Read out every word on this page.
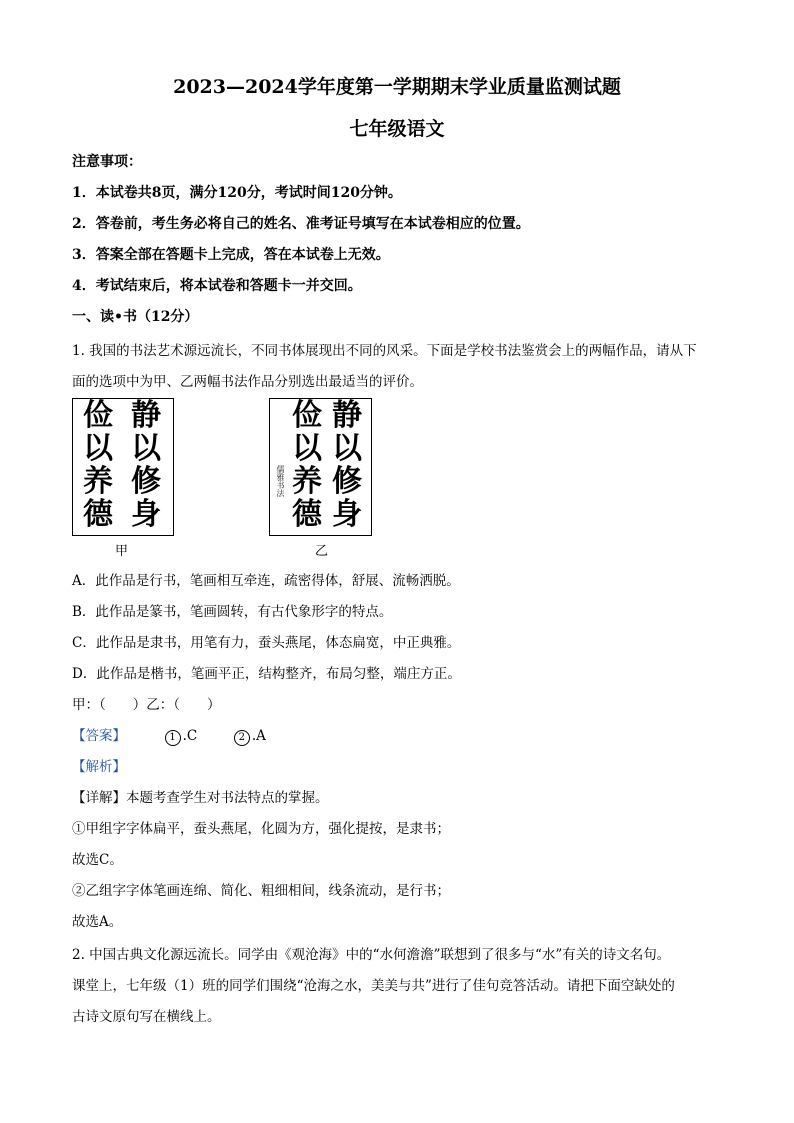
2023—2024学年度第一学期期末学业质量监测试题
七年级语文
注意事项：
1．本试卷共8页，满分120分，考试时间120分钟。
2．答卷前，考生务必将自己的姓名、准考证号填写在本试卷相应的位置。
3．答案全部在答题卡上完成，答在本试卷上无效。
4．考试结束后，将本试卷和答题卡一并交回。
一、读•书（12分）
1. 我国的书法艺术源远流长，不同书体展现出不同的风采。下面是学校书法鉴赏会上的两幅作品，请从下
面的选项中为甲、乙两幅书法作品分别选出最适当的评价。
静
以
修
身
俭
以
养
德
甲
静
以
修
身
俭
以
养
德
儒雅书法
乙
A．此作品是行书，笔画相互牵连，疏密得体，舒展、流畅洒脱。
B．此作品是篆书，笔画圆转，有古代象形字的特点。
C．此作品是隶书，用笔有力，蚕头燕尾，体态扁宽，中正典雅。
D．此作品是楷书，笔画平正，结构整齐，布局匀整，端庄方正。
甲：（　　）乙：（　　）
【答案】	1 .C	2 .A
【解析】
【详解】本题考查学生对书法特点的掌握。
①甲组字字体扁平，蚕头燕尾，化圆为方，强化提按，是隶书；
故选C。
②乙组字字体笔画连绵、简化、粗细相间，线条流动，是行书；
故选A。
2. 中国古典文化源远流长。同学由《观沧海》中的“水何澹澹”联想到了很多与“水”有关的诗文名句。
课堂上，七年级（1）班的同学们围绕“沧海之水，美美与共”进行了佳句竞答活动。请把下面空缺处的
古诗文原句写在横线上。
